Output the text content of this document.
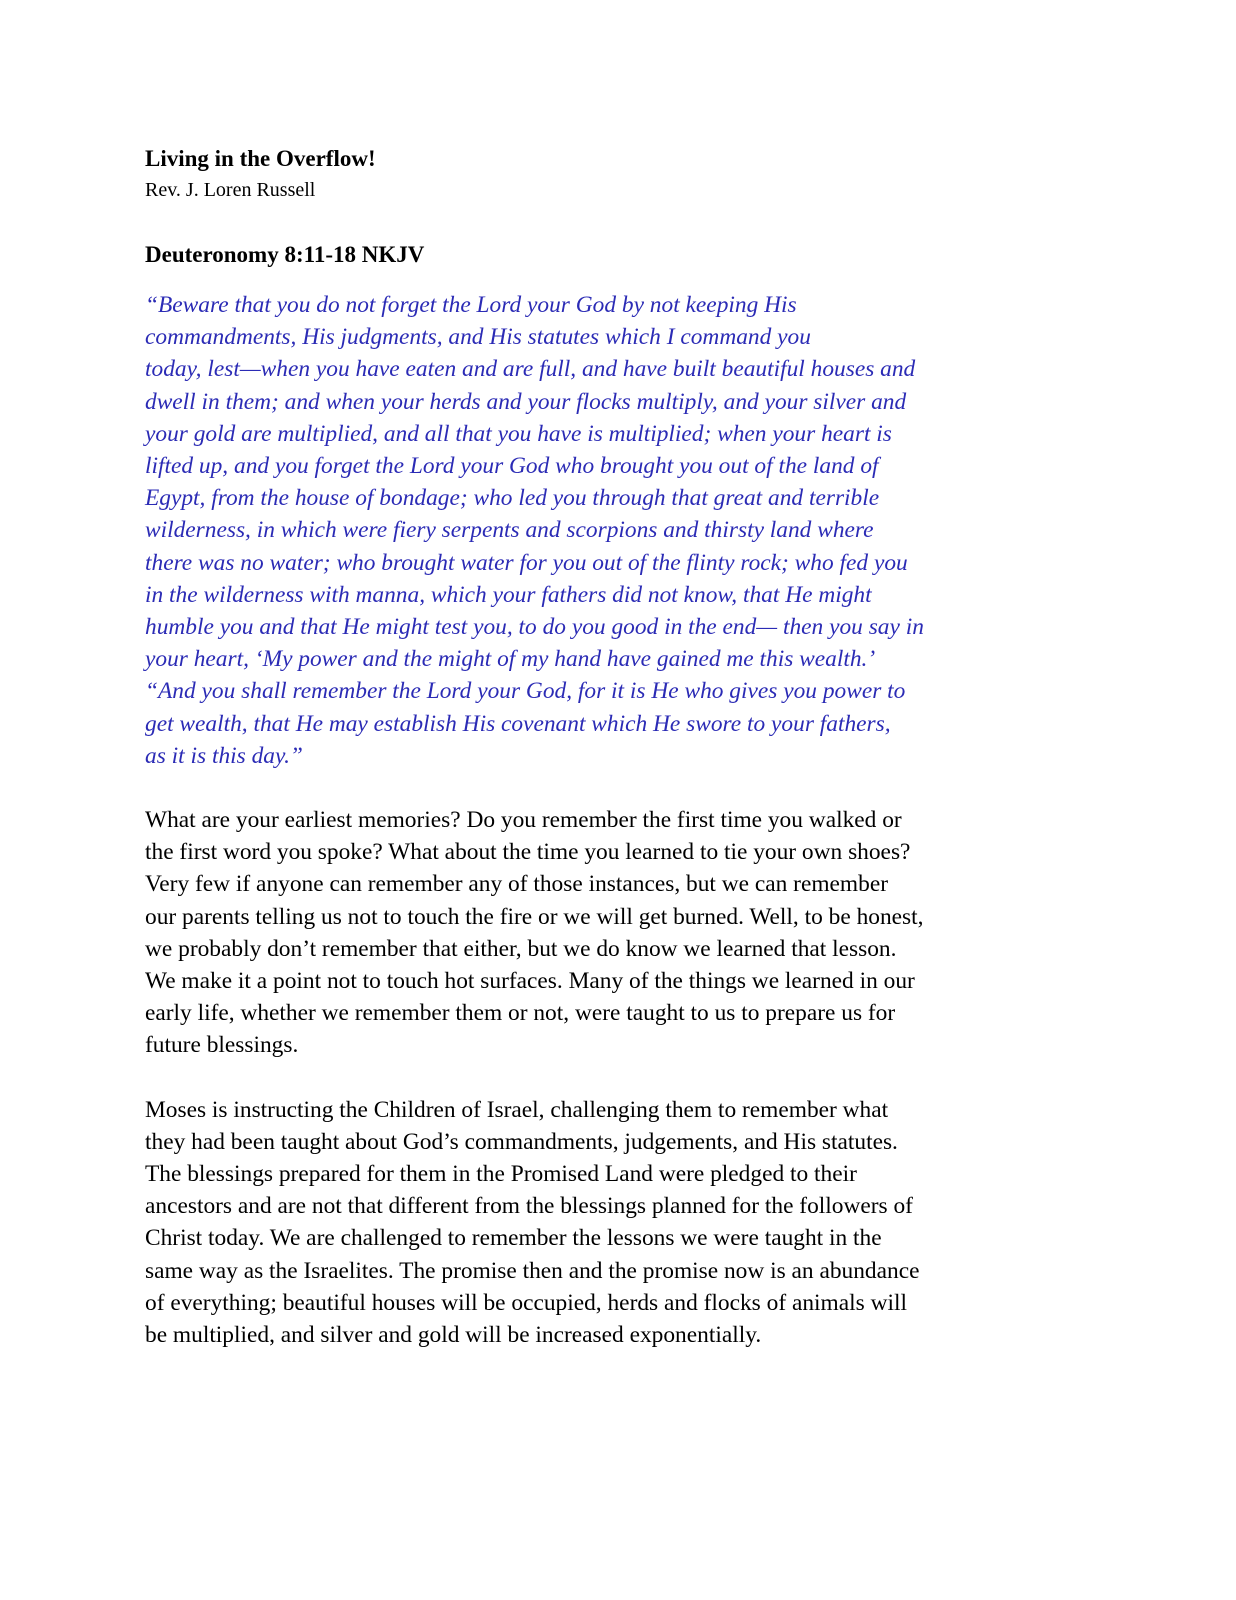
Living in the Overflow!

Rev. J. Loren Russell

Deuteronomy 8:11-18 NKJV

“Beware that you do not forget the Lord your God by not keeping His
commandments, His judgments, and His statutes which I command you
today, lest—when you have eaten and are full, and have built beautiful houses and
dwell in them; and when your herds and your flocks multiply, and your silver and
your gold are multiplied, and all that you have is multiplied; when your heart is
lifted up, and you forget the Lord your God who brought you out of the land of
Egypt, from the house of bondage; who led you through that great and terrible
wilderness, in which were fiery serpents and scorpions and thirsty land where
there was no water; who brought water for you out of the flinty rock; who fed you
in the wilderness with manna, which your fathers did not know, that He might
humble you and that He might test you, to do you good in the end— then you say in
your heart, ‘My power and the might of my hand have gained me this wealth.’
“And you shall remember the Lord your God, for it is He who gives you power to
get wealth, that He may establish His covenant which He swore to your fathers,
as it is this day.”
What are your earliest memories? Do you remember the first time you walked or
the first word you spoke? What about the time you learned to tie your own shoes?
Very few if anyone can remember any of those instances, but we can remember
our parents telling us not to touch the fire or we will get burned. Well, to be honest,
we probably don’t remember that either, but we do know we learned that lesson.
We make it a point not to touch hot surfaces. Many of the things we learned in our
early life, whether we remember them or not, were taught to us to prepare us for
future blessings.
Moses is instructing the Children of Israel, challenging them to remember what
they had been taught about God’s commandments, judgements, and His statutes.
The blessings prepared for them in the Promised Land were pledged to their
ancestors and are not that different from the blessings planned for the followers of
Christ today. We are challenged to remember the lessons we were taught in the
same way as the Israelites. The promise then and the promise now is an abundance
of everything; beautiful houses will be occupied, herds and flocks of animals will
be multiplied, and silver and gold will be increased exponentially.
